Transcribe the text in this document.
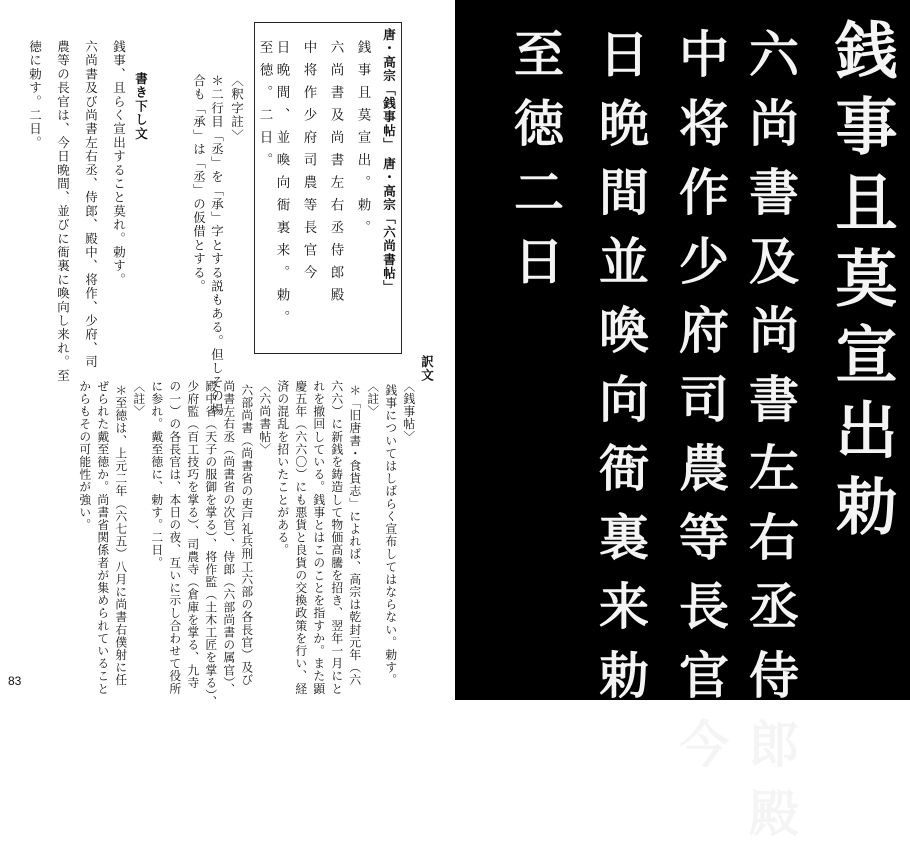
唐・高宗「銭事帖」 唐・高宗「六尚書帖」
銭事且莫宣出。勅。
六尚書及尚書左右丞侍郎殿
中将作少府司農等長官今
日晩間、並喚向衙裏来。勅。
至徳。二日。
〈釈字註〉
＊二行目「丞」を「承」字とする説もある。但しその場
合も「承」は「丞」の仮借とする。
書き下し文
銭事、且らく宣出すること莫れ。勅す。
六尚書及び尚書左右丞、侍郎、殿中、将作、少府、司
農等の長官は、今日晩間、並びに衙裏に喚向し来れ。至
徳に勅す。二日。
訳文
〈銭事帖〉
銭事についてはしばらく宣布してはならない。勅す。
〈註〉
＊「旧唐書・食貨志」によれば、高宗は乾封元年（六
六六）に新銭を鋳造して物価高騰を招き、翌年一月にと
れを撤回している。銭事とはこのことを指すか。また顕
慶五年（六六〇）にも悪貨と良貨の交換政策を行い、経
済の混乱を招いたことがある。
〈六尚書帖〉
六部尚書（尚書省の吏戸礼兵刑工六部の各長官）及び
尚書左右丞（尚書省の次官）、侍郎（六部尚書の属官）、
殿中省（天子の服御を掌る）、将作監（土木工匠を掌る）、
少府監（百工技巧を掌る）、司農寺（倉庫を掌る、九寺
の一）の各長官は、本日の夜、互いに示し合わせて役所
に参れ。戴至徳に、勅す。二日。
〈註〉
＊至徳は、上元二年（六七五）八月に尚書右僕射に任
ぜられた戴至徳か。尚書省関係者が集められていること
からもその可能性が強い。
83
銭事且莫宣出勅
六尚書及尚書左右丞侍郎殿
中将作少府司農等長官今
日晩間並喚向衙裏来勅
至徳二日
